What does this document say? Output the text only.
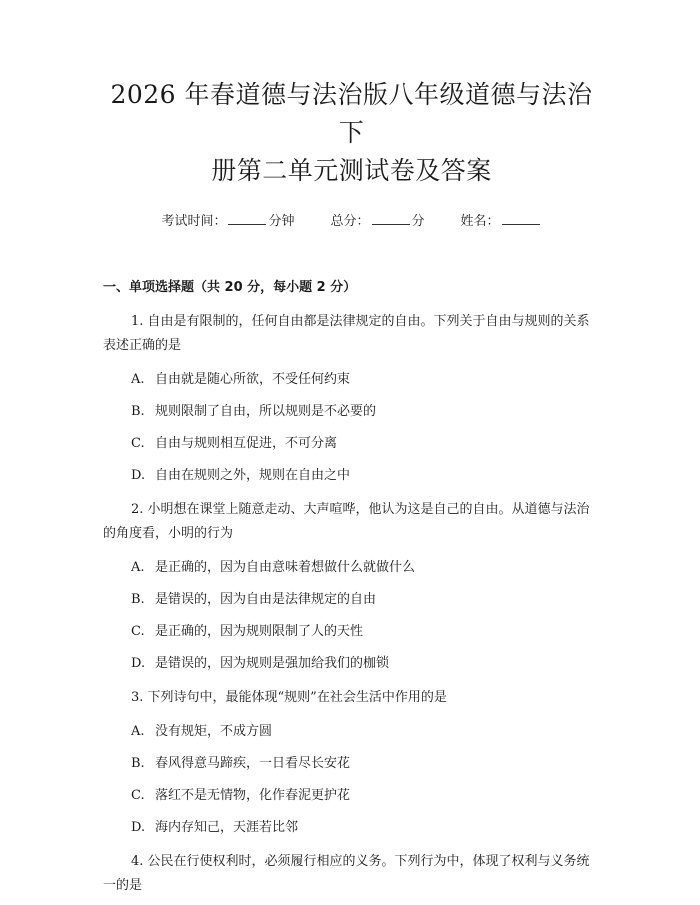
2026 年春道德与法治版八年级道德与法治下
册第二单元测试卷及答案
考试时间：	分钟	总分：	分	姓名：
一、单项选择题（共 20 分，每小题 2 分）

1. 自由是有限制的，任何自由都是法律规定的自由。下列关于自由与规则的关系表述正确的是

A. 自由就是随心所欲，不受任何约束
B. 规则限制了自由，所以规则是不必要的
C. 自由与规则相互促进，不可分离
D. 自由在规则之外，规则在自由之中

2. 小明想在课堂上随意走动、大声喧哗，他认为这是自己的自由。从道德与法治的角度看，小明的行为

A. 是正确的，因为自由意味着想做什么就做什么
B. 是错误的，因为自由是法律规定的自由
C. 是正确的，因为规则限制了人的天性
D. 是错误的，因为规则是强加给我们的枷锁

3. 下列诗句中，最能体现“规则”在社会生活中作用的是

A. 没有规矩，不成方圆
B. 春风得意马蹄疾，一日看尽长安花
C. 落红不是无情物，化作春泥更护花
D. 海内存知己，天涯若比邻

4. 公民在行使权利时，必须履行相应的义务。下列行为中，体现了权利与义务统一的是
